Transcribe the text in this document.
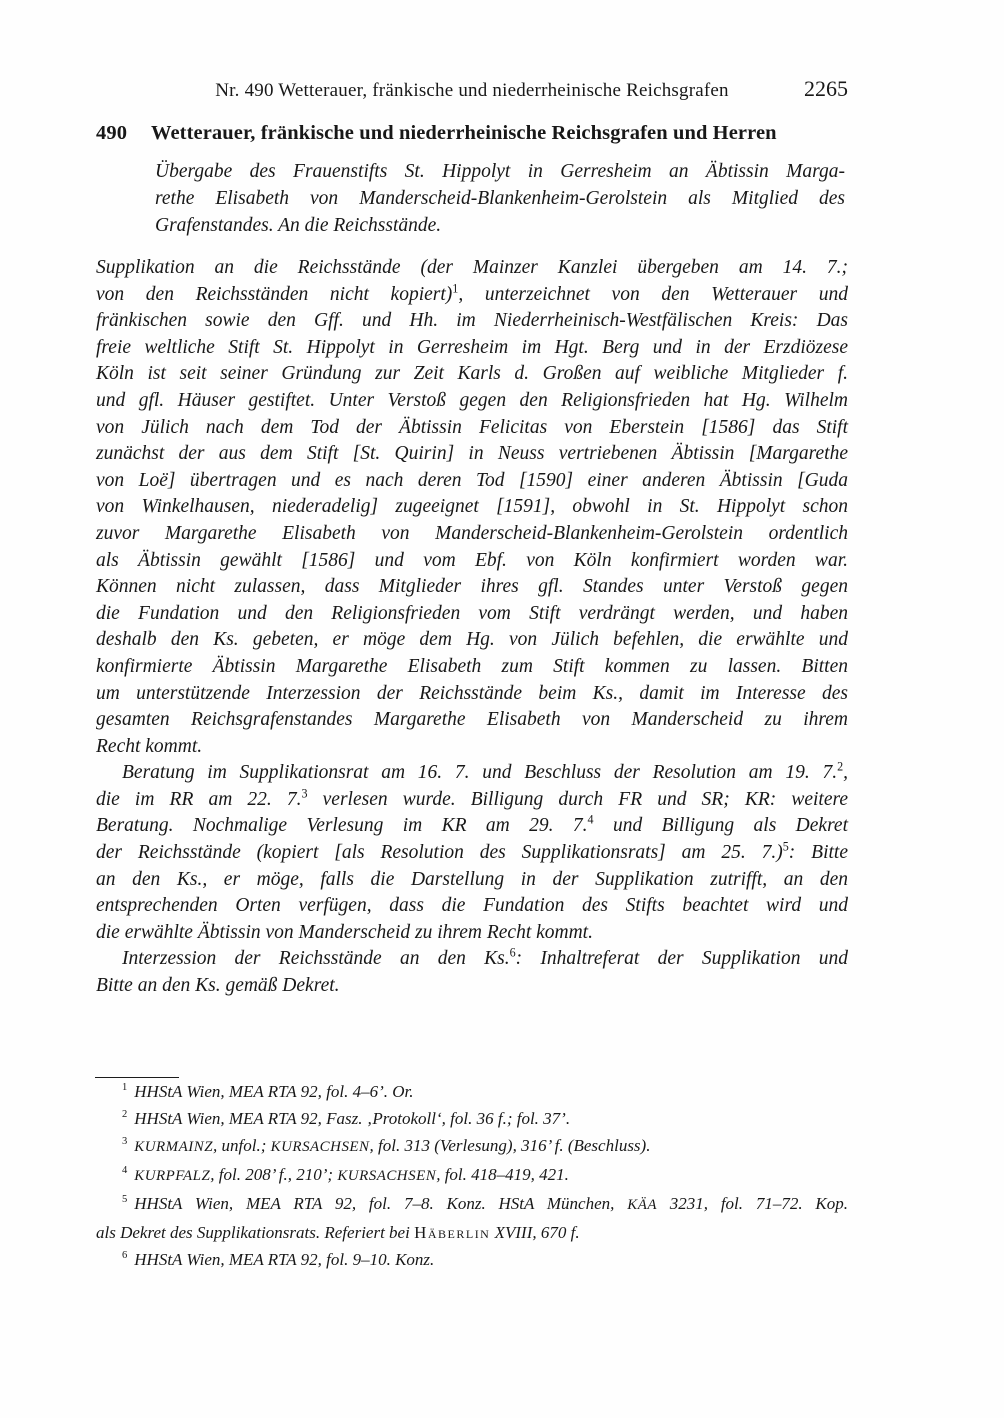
Nr. 490 Wetterauer, fränkische und niederrheinische Reichsgrafen	2265
490 Wetterauer, fränkische und niederrheinische Reichsgrafen und Herren
Übergabe des Frauenstifts St. Hippolyt in Gerresheim an Äbtissin Marga-
rethe Elisabeth von Manderscheid-Blankenheim-Gerolstein als Mitglied des
Grafenstandes. An die Reichsstände.
Supplikation an die Reichsstände (der Mainzer Kanzlei übergeben am 14. 7.;
von den Reichsständen nicht kopiert)$^1$, unterzeichnet von den Wetterauer und
fränkischen sowie den Gff. und Hh. im Niederrheinisch-Westfälischen Kreis: Das
freie weltliche Stift St. Hippolyt in Gerresheim im Hgt. Berg und in der Erzdiözese
Köln ist seit seiner Gründung zur Zeit Karls d. Großen auf weibliche Mitglieder f.
und gfl. Häuser gestiftet. Unter Verstoß gegen den Religionsfrieden hat Hg. Wilhelm
von Jülich nach dem Tod der Äbtissin Felicitas von Eberstein [1586] das Stift
zunächst der aus dem Stift [St. Quirin] in Neuss vertriebenen Äbtissin [Margarethe
von Loë] übertragen und es nach deren Tod [1590] einer anderen Äbtissin [Guda
von Winkelhausen, niederadelig] zugeeignet [1591], obwohl in St. Hippolyt schon
zuvor Margarethe Elisabeth von Manderscheid-Blankenheim-Gerolstein ordentlich
als Äbtissin gewählt [1586] und vom Ebf. von Köln konfirmiert worden war.
Können nicht zulassen, dass Mitglieder ihres gfl. Standes unter Verstoß gegen
die Fundation und den Religionsfrieden vom Stift verdrängt werden, und haben
deshalb den Ks. gebeten, er möge dem Hg. von Jülich befehlen, die erwählte und
konfirmierte Äbtissin Margarethe Elisabeth zum Stift kommen zu lassen. Bitten
um unterstützende Interzession der Reichsstände beim Ks., damit im Interesse des
gesamten Reichsgrafenstandes Margarethe Elisabeth von Manderscheid zu ihrem
Recht kommt.
Beratung im Supplikationsrat am 16. 7. und Beschluss der Resolution am 19. 7.$^2$,
die im RR am 22. 7.$^3$ verlesen wurde. Billigung durch FR und SR; KR: weitere
Beratung. Nochmalige Verlesung im KR am 29. 7.$^4$ und Billigung als Dekret
der Reichsstände (kopiert [als Resolution des Supplikationsrats] am 25. 7.)$^5$: Bitte
an den Ks., er möge, falls die Darstellung in der Supplikation zutrifft, an den
entsprechenden Orten verfügen, dass die Fundation des Stifts beachtet wird und
die erwählte Äbtissin von Manderscheid zu ihrem Recht kommt.
Interzession der Reichsstände an den Ks.$^6$: Inhaltreferat der Supplikation und
Bitte an den Ks. gemäß Dekret.
$^1$ HHStA Wien, MEA RTA 92, fol. 4–6’. Or.
$^2$ HHStA Wien, MEA RTA 92, Fasz. ‚Protokoll‘, fol. 36 f.; fol. 37’.
$^3$ KURMAINZ, unfol.; KURSACHSEN, fol. 313 (Verlesung), 316’ f. (Beschluss).
$^4$ KURPFALZ, fol. 208’ f., 210’; KURSACHSEN, fol. 418–419, 421.
$^5$ HHStA Wien, MEA RTA 92, fol. 7–8. Konz. HStA München, KÄA 3231, fol. 71–72. Kop.
als Dekret des Supplikationsrats. Referiert bei Häberlin XVIII, 670 f.
$^6$ HHStA Wien, MEA RTA 92, fol. 9–10. Konz.
